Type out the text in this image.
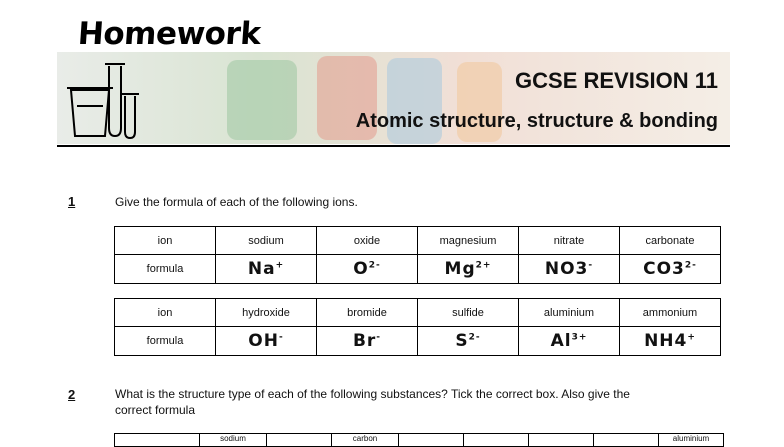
Homework
GCSE REVISION 11
Atomic structure, structure & bonding
1	Give the formula of each of the following ions.
ion	sodium	oxide	magnesium	nitrate	carbonate
formula	Na+	$O^{2-}$	$Mg^{2+}$	NO3-	$CO3^{2-}$
ion	hydroxide	bromide	sulfide	aluminium	ammonium
formula	OH-	Br-	$S^{2-}$	$Al^{3+}$	NH4+
2	What is the structure type of each of the following substances? Tick the correct box. Also give the
correct formula
	sodium		carbon					aluminium
